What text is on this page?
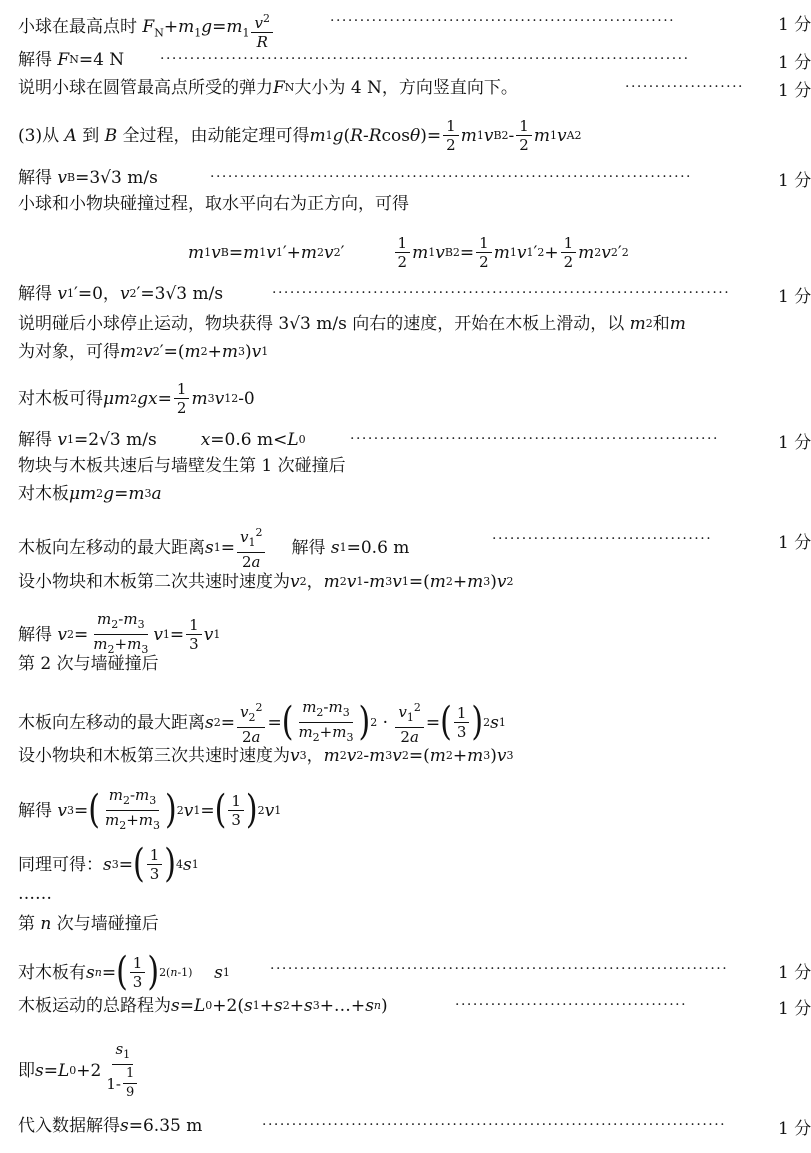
小球在最高点时 $F_N+m_1g=m_1 \frac{v^2}{R}$	··························································	1 分
解得 F N =4 N	·························································································	1 分
说明小球在圆管最高点所受的弹力 F N 大小为 4 N，方向竖直向下。	···················· 1 分
(3)从 A 到 B 全过程，由动能定理可得 m 1 g ( R - R cos θ )= $\frac{1}{2}$ m 1 v B $2 - \frac{1}{2}$ m 1 v A 2
解得 v B =3√3 m/s	·················································································	1 分
小球和小物块碰撞过程，取水平向右为正方向，可得
m 1 v B = m 1 v 1 ′+ m 2 v 2 ′	$\frac{1}{2}$ m 1 v B $2 = \frac{1}{2}$ m 1 v 1 ′ $2 + \frac{1}{2}$ m 2 v 2 ′ 2
解得 v 1 ′=0， v 2 ′=3√3 m/s	·············································································	1 分
说明碰后小球停止运动，物块获得 3√3 m/s 向右的速度，开始在木板上滑动，以 m 2 和 m
为对象，可得 m 2 v 2 ′=( m 2 + m 3 ) v 1
对木板可得 μm 2 gx = $\frac{1}{2}$ m 3 v 1 2 -0
解得 v 1 =2√3 m/s	x =0.6 m< L 0	······························································	1 分
物块与木板共速后与墙壁发生第 1 次碰撞后
对木板 μm 2 g = m 3 a
木板向左移动的最大距离 s $1 = \frac{v_1^2}{2a}$ 解得 s 1 =0.6 m	·····································	1 分
设小物块和木板第二次共速时速度为 v 2 ， m 2 v 1 - m 3 v 1 =( m 2 + m 3 ) v 2
解得 v $2 = \frac{m_2-m_3}{m_2+m_3}$ v $1 = \frac{1}{3}$ v 1
第 2 次与墙碰撞后
木板向左移动的最大距离 s $2 = \frac{v_2^2}{2a}$ = ( $\frac{m_2-m_3}{m_2+m_3}$ ) $2 \cdot \frac{v_1^2}{2a}$ = ( $\frac{1}{3}$ ) 2 s 1
设小物块和木板第三次共速时速度为 v 3 ， m 2 v 2 - m 3 v 2 =( m 2 + m 3 ) v 3
解得 v 3 = ( $\frac{m_2-m_3}{m_2+m_3}$ ) 2 v 1 = ( $\frac{1}{3}$ ) 2 v 1
同理可得： s 3 = ( $\frac{1}{3}$ ) 4 s 1
……
第 n 次与墙碰撞后
对木板有 s n = ( $\frac{1}{3}$ ) 2(n-1)
s 1	·············································································	1 分
木板运动的总路程为 s = L 0 +2( s 1 + s 2 + s 3 +…+ s n )	·······································	1 分
即 s = L $0 +2 \frac{s_1}{1- \frac{1}{9}}$
代入数据解得 s =6.35 m	··············································································	1 分
